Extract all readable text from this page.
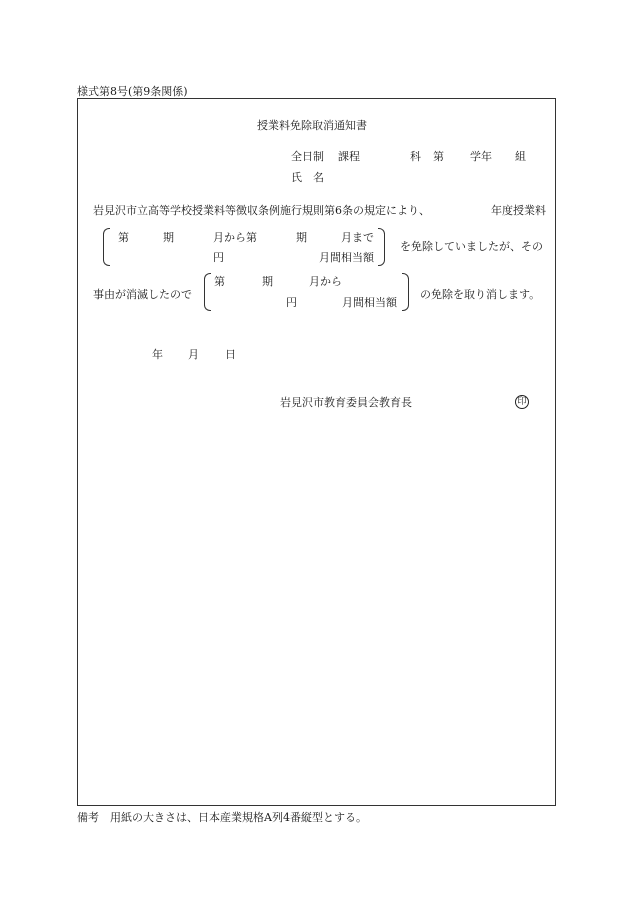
様式第8号(第9条関係)
授業料免除取消通知書
全日制 課程	科 第 学年 組
氏　名
岩見沢市立高等学校授業料等徴収条例施行規則第6条の規定により、	年度授業料
第	期	月から第	期	月まで
円	月間相当額
を免除していましたが、その
事由が消滅したので
第	期	月から
円	月間相当額
の免除を取り消します。
年 月 日
岩見沢市教育委員会教育長	印
備考　用紙の大きさは、日本産業規格A列4番縦型とする。
